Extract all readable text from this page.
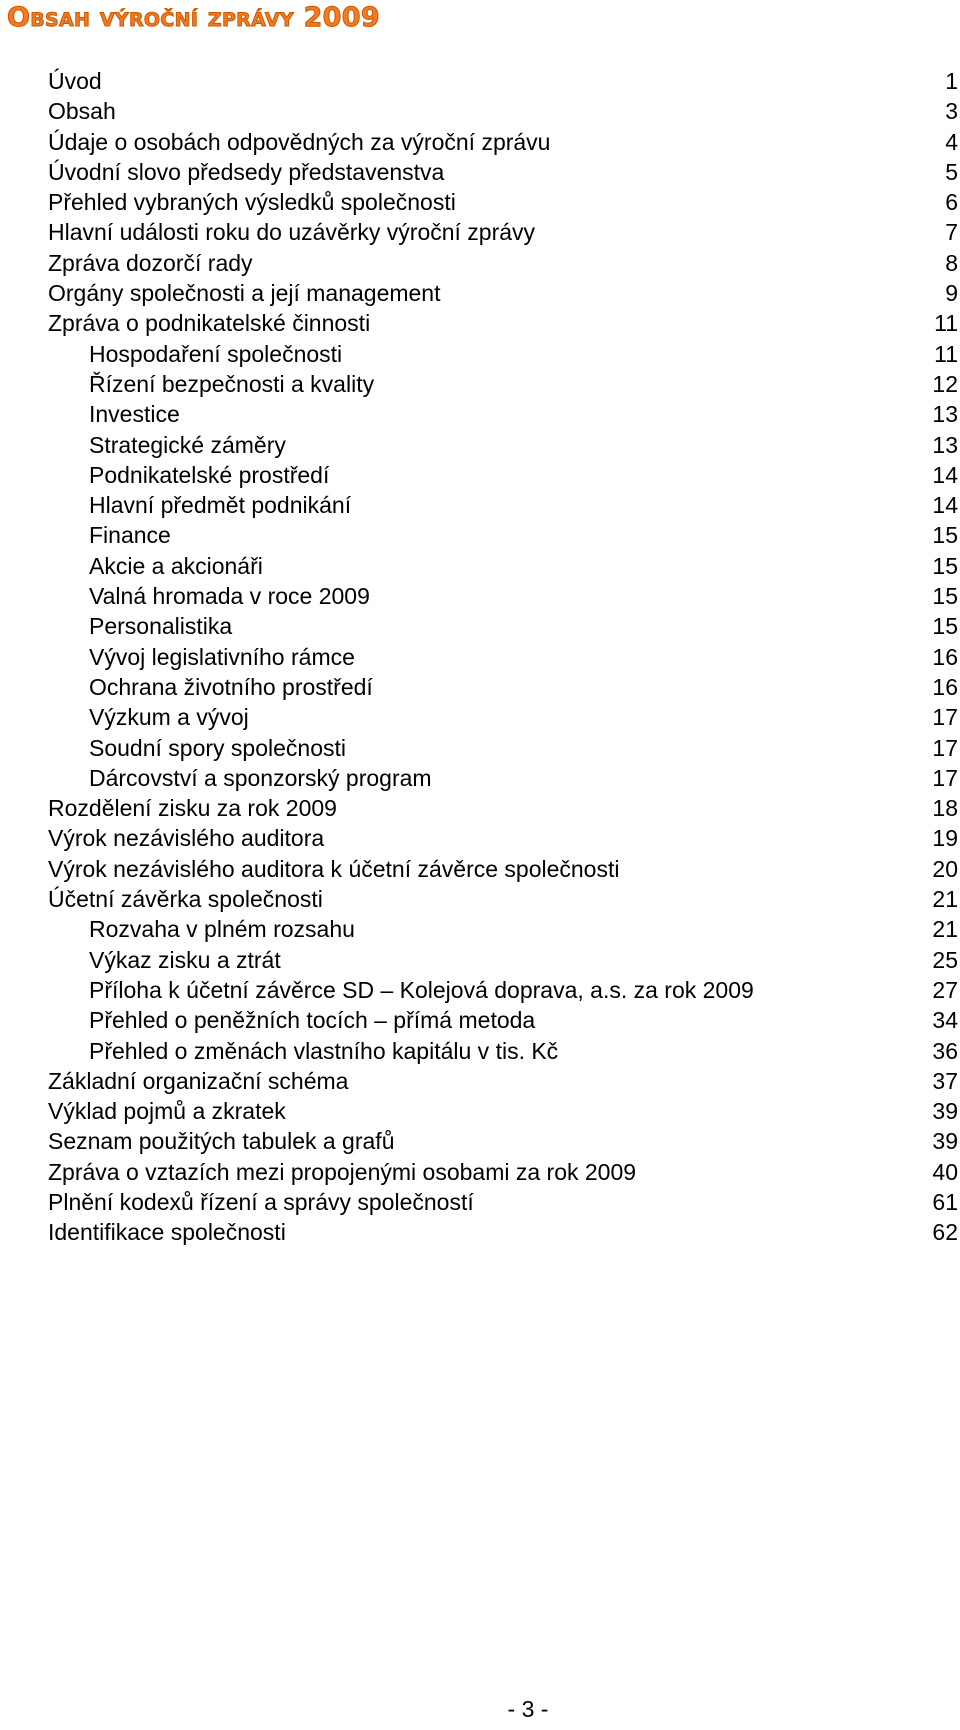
Obsah výroční zprávy 2009
Úvod	1
Obsah	3
Údaje o osobách odpovědných za výroční zprávu	4
Úvodní slovo předsedy představenstva	5
Přehled vybraných výsledků společnosti	6
Hlavní události roku do uzávěrky výroční zprávy	7
Zpráva dozorčí rady	8
Orgány společnosti a její management	9
Zpráva o podnikatelské činnosti	11
Hospodaření společnosti	11
Řízení bezpečnosti a kvality	12
Investice	13
Strategické záměry	13
Podnikatelské prostředí	14
Hlavní předmět podnikání	14
Finance	15
Akcie a akcionáři	15
Valná hromada v roce 2009	15
Personalistika	15
Vývoj legislativního rámce	16
Ochrana životního prostředí	16
Výzkum a vývoj	17
Soudní spory společnosti	17
Dárcovství a sponzorský program	17
Rozdělení zisku za rok 2009	18
Výrok nezávislého auditora	19
Výrok nezávislého auditora k účetní závěrce společnosti	20
Účetní závěrka společnosti	21
Rozvaha v plném rozsahu	21
Výkaz zisku a ztrát	25
Příloha k účetní závěrce SD – Kolejová doprava, a.s. za rok 2009	27
Přehled o peněžních tocích – přímá metoda	34
Přehled o změnách vlastního kapitálu v tis. Kč	36
Základní organizační schéma	37
Výklad pojmů a zkratek	39
Seznam použitých tabulek a grafů	39
Zpráva o vztazích mezi propojenými osobami za rok 2009	40
Plnění kodexů řízení a správy společností	61
Identifikace společnosti	62
- 3 -
